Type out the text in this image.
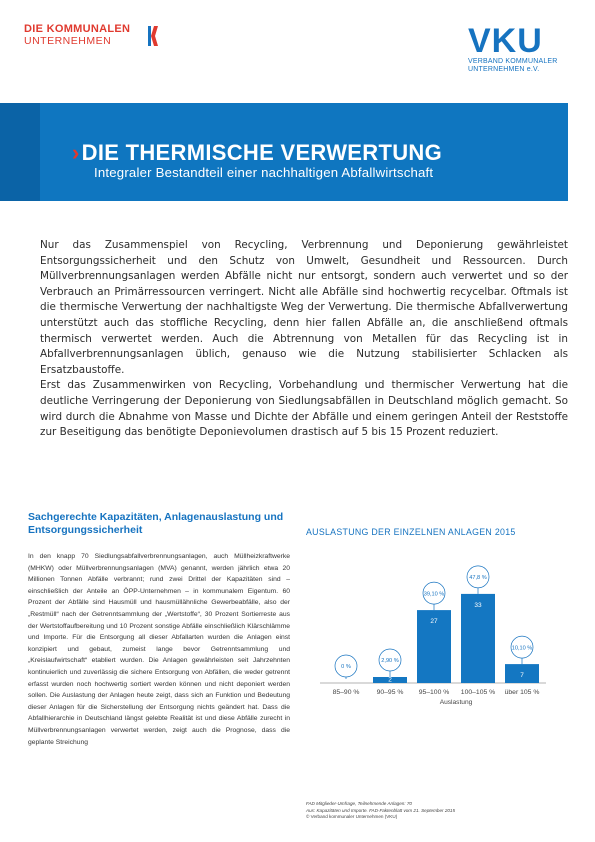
DIE KOMMUNALEN
UNTERNEHMEN	VKU
VERBAND KOMMUNALER
UNTERNEHMEN e.V.
›DIE THERMISCHE VERWERTUNG
Integraler Bestandteil einer nachhaltigen Abfallwirtschaft

Nur das Zusammenspiel von Recycling, Verbrennung und Deponierung gewährleistet Entsorgungssicherheit und den Schutz von Umwelt, Gesundheit und Ressourcen. Durch Müllverbrennungsanlagen werden Abfälle nicht nur entsorgt, sondern auch verwertet und so der Verbrauch an Primärressourcen verringert. Nicht alle Abfälle sind hochwertig recycelbar. Oftmals ist die thermische Verwertung der nachhaltigste Weg der Verwertung. Die thermische Abfallverwertung unterstützt auch das stoffliche Recycling, denn hier fallen Abfälle an, die anschließend oftmals thermisch verwertet werden. Auch die Abtrennung von Metallen für das Recycling ist in Abfallverbrennungsanlagen üblich, genauso wie die Nutzung stabilisierter Schlacken als Ersatzbaustoffe.

Erst das Zusammenwirken von Recycling, Vorbehandlung und thermischer Verwertung hat die deutliche Verringerung der Deponierung von Siedlungsabfällen in Deutschland möglich gemacht. So wird durch die Abnahme von Masse und Dichte der Abfälle und einem geringen Anteil der Reststoffe zur Beseitigung das benötigte Deponievolumen drastisch auf 5 bis 15 Prozent reduziert.

Sachgerechte Kapazitäten, Anlagenauslastung und Entsorgungssicherheit

In den knapp 70 Siedlungsabfallverbrennungsanlagen, auch Müllheizkraftwerke (MHKW) oder Müllverbrennungsanlagen (MVA) genannt, werden jährlich etwa 20 Millionen Tonnen Abfälle verbrannt; rund zwei Drittel der Kapazitäten sind – einschließlich der Anteile an ÖPP-Unternehmen – in kommunalem Eigentum. 60 Prozent der Abfälle sind Hausmüll und hausmüllähnliche Gewerbeabfälle, also der „Restmüll“ nach der Getrenntsammlung der „Wertstoffe“, 30 Prozent Sortierreste aus der Wertstoffaufbereitung und 10 Prozent sonstige Abfälle einschließlich Klärschlämme und Importe. Für die Entsorgung all dieser Abfallarten wurden die Anlagen einst konzipiert und gebaut, zumeist lange bevor Getrenntsammlung und „Kreislaufwirtschaft“ etabliert wurden. Die Anlagen gewährleisten seit Jahrzehnten kontinuierlich und zuverlässig die sichere Entsorgung von Abfällen, die weder getrennt erfasst wurden noch hochwertig sortiert werden können und nicht deponiert werden sollen. Die Auslastung der Anlagen heute zeigt, dass sich an Funktion und Bedeutung dieser Anlagen für die Sicherstellung der Entsorgung nichts geändert hat. Dass die Abfallhierarchie in Deutschland längst gelebte Realität ist und diese Abfälle zurecht in Müllverbrennungsanlagen verwertet werden, zeigt auch die Prognose, dass die geplante Streichung

AUSLASTUNG DER EINZELNEN ANLAGEN 2015
0 %
85–90 %
2
2,90 %
90–95 %
27
39,10 %
95–100 %
33
47,8 %
100–105 %
7
10,10 %
über 105 %
Auslastung
FAD Mitglieder-Umfrage, Teilnehmende Anlagen: 70
Aus: Kapazitäten und Importe. FAD-Faktenblatt vom 21. September 2015
© Verband kommunaler Unternehmen (VKU)
